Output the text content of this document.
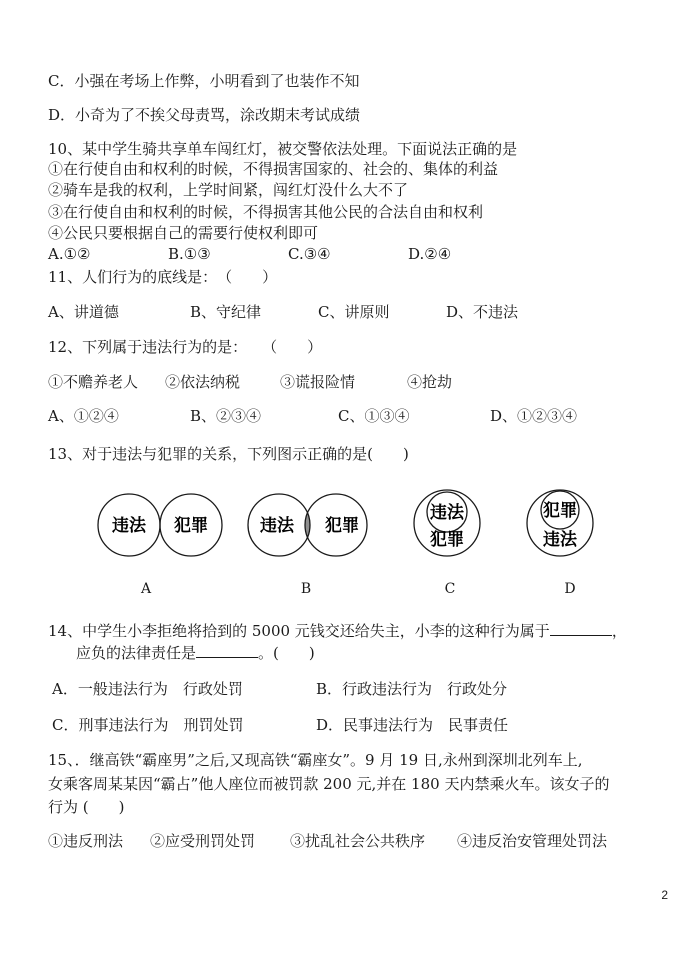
C．小强在考场上作弊，小明看到了也装作不知
D．小奇为了不挨父母责骂，涂改期末考试成绩
10、某中学生骑共享单车闯红灯，被交警依法处理。下面说法正确的是
①在行使自由和权利的时候，不得损害国家的、社会的、集体的利益
②骑车是我的权利，上学时间紧，闯红灯没什么大不了
③在行使自由和权利的时候，不得损害其他公民的合法自由和权利
④公民只要根据自己的需要行使权利即可
A.①②	B.①③	C.③④	D.②④
11、人们行为的底线是：　（　　）
A、讲道德	B、守纪律	C、讲原则	D、不违法
12、下列属于违法行为的是：　　（　　）
①不赡养老人 ②依法纳税	③谎报险情	④抢劫
A、①②④	B、②③④	C、①③④	D、①②③④
13、对于违法与犯罪的关系，下列图示正确的是(　　)
违法 犯罪	违法 犯罪
违法
犯罪
犯罪
违法
A	B	C	D
14、中学生小李拒绝将拾到的 5000 元钱交还给失主，小李的这种行为属于	，
应负的法律责任是	。(　　)
A．一般违法行为　行政处罚	B．行政违法行为　行政处分
C．刑事违法行为　刑罚处罚	D．民事违法行为　民事责任
15、．继高铁“霸座男”之后,又现高铁“霸座女”。9 月 19 日,永州到深圳北列车上,
女乘客周某某因“霸占”他人座位而被罚款 200 元,并在 180 天内禁乘火车。该女子的
行为 (　　)
①违反刑法 ②应受刑罚处罚 ③扰乱社会公共秩序 ④违反治安管理处罚法
2
